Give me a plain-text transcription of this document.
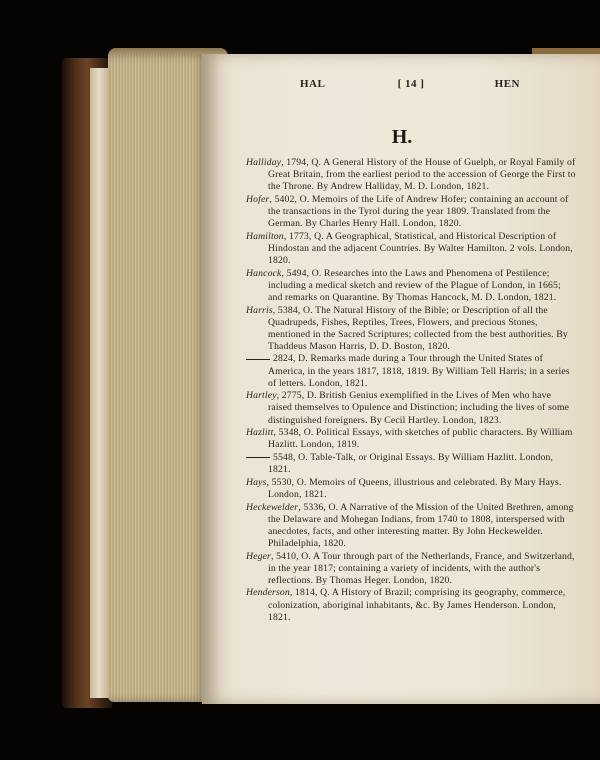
HAL	[ 14 ]	HEN
H.

Halliday, 1794, Q. A General History of the House of Guelph, or Royal Family of Great Britain, from the earliest period to the accession of George the First to the Throne. By Andrew Halliday, M. D. London, 1821.

Hofer, 5402, O. Memoirs of the Life of Andrew Hofer; containing an account of the transactions in the Tyrol during the year 1809. Translated from the German. By Charles Henry Hall. London, 1820.

Hamilton, 1773, Q. A Geographical, Statistical, and Historical Description of Hindostan and the adjacent Countries. By Walter Hamilton. 2 vols. London, 1820.

Hancock, 5494, O. Researches into the Laws and Phenomena of Pestilence; including a medical sketch and review of the Plague of London, in 1665; and remarks on Quarantine. By Thomas Hancock, M. D. London, 1821.

Harris, 5384, O. The Natural History of the Bible; or Description of all the Quadrupeds, Fishes, Reptiles, Trees, Flowers, and precious Stones, mentioned in the Sacred Scriptures; collected from the best authorities. By Thaddeus Mason Harris, D. D. Boston, 1820.

2824, D. Remarks made during a Tour through the United States of America, in the years 1817, 1818, 1819. By William Tell Harris; in a series of letters. London, 1821.

Hartley, 2775, D. British Genius exemplified in the Lives of Men who have raised themselves to Opulence and Distinction; including the lives of some distinguished foreigners. By Cecil Hartley. London, 1823.

Hazlitt, 5348, O. Political Essays, with sketches of public characters. By William Hazlitt. London, 1819.

5548, O. Table-Talk, or Original Essays. By William Hazlitt. London, 1821.

Hays, 5530, O. Memoirs of Queens, illustrious and celebrated. By Mary Hays. London, 1821.

Heckewelder, 5336, O. A Narrative of the Mission of the United Brethren, among the Delaware and Mohegan Indians, from 1740 to 1808, interspersed with anecdotes, facts, and other interesting matter. By John Heckewelder. Philadelphia, 1820.

Heger, 5410, O. A Tour through part of the Netherlands, France, and Switzerland, in the year 1817; containing a variety of incidents, with the author's reflections. By Thomas Heger. London, 1820.

Henderson, 1814, Q. A History of Brazil; comprising its geography, commerce, colonization, aboriginal inhabitants, &c. By James Henderson. London, 1821.
